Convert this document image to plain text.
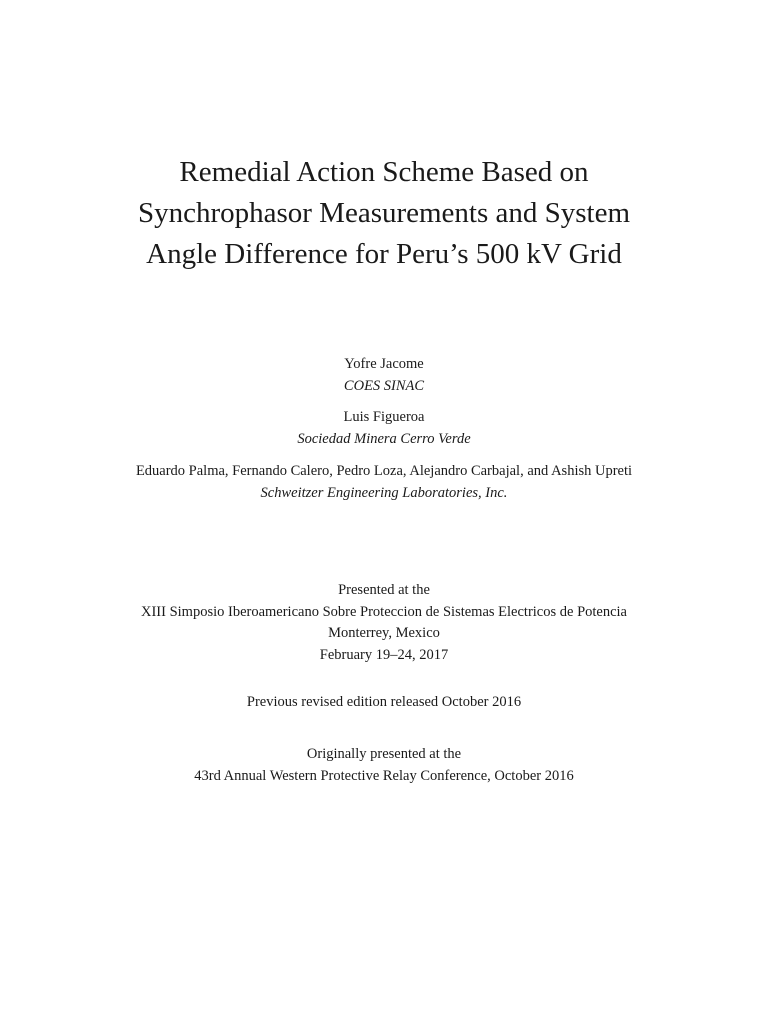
Remedial Action Scheme Based on
Synchrophasor Measurements and System
Angle Difference for Peru’s 500 kV Grid
Yofre Jacome
COES SINAC
Luis Figueroa
Sociedad Minera Cerro Verde
Eduardo Palma, Fernando Calero, Pedro Loza, Alejandro Carbajal, and Ashish Upreti
Schweitzer Engineering Laboratories, Inc.
Presented at the
XIII Simposio Iberoamericano Sobre Proteccion de Sistemas Electricos de Potencia
Monterrey, Mexico
February 19–24, 2017
Previous revised edition released October 2016
Originally presented at the
43rd Annual Western Protective Relay Conference, October 2016
